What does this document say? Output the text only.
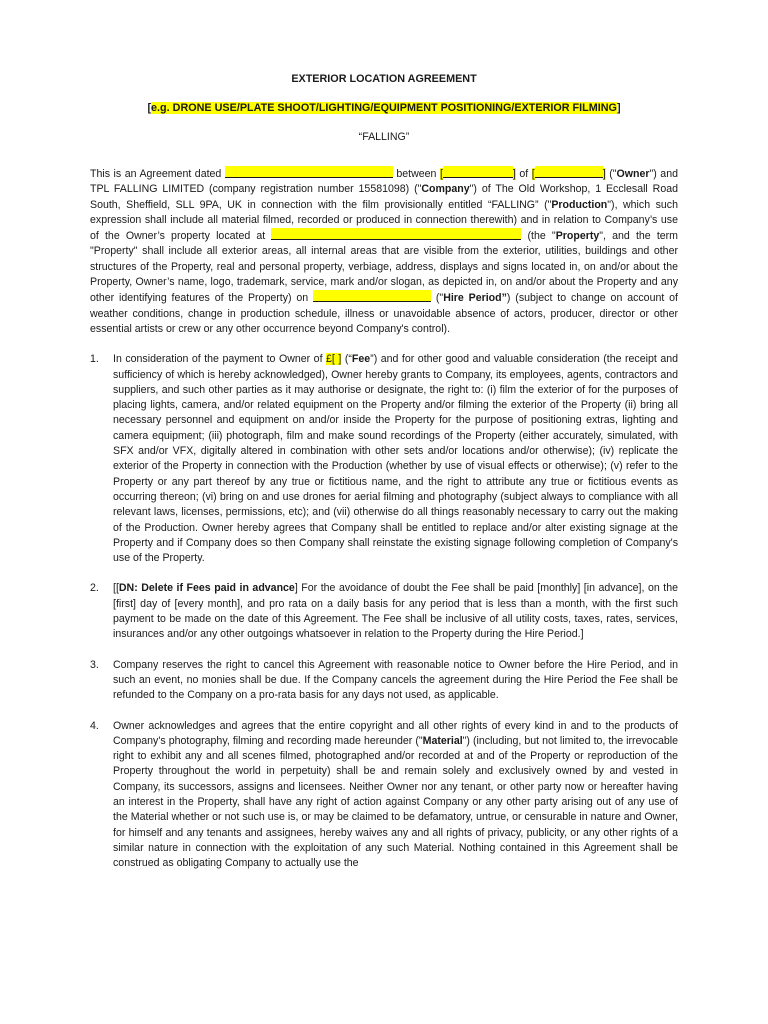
EXTERIOR LOCATION AGREEMENT
[e.g. DRONE USE/PLATE SHOOT/LIGHTING/EQUIPMENT POSITIONING/EXTERIOR FILMING]
“FALLING”

This is an Agreement dated	between [	] of [	] ("Owner") and TPL FALLING LIMITED (company registration number 15581098) ("Company") of The Old Workshop, 1 Ecclesall Road South, Sheffield, SLL 9PA, UK in connection with the film provisionally entitled “FALLING” ("Production"), which such expression shall include all material filmed, recorded or produced in connection therewith) and in relation to Company’s use of the Owner’s property located at	(the "Property", and the term "Property" shall include all exterior areas, all internal areas that are visible from the exterior, utilities, buildings and other structures of the Property, real and personal property, verbiage, address, displays and signs located in, on and/or about the Property, Owner’s name, logo, trademark, service, mark and/or slogan, as depicted in, on and/or about the Property and any other identifying features of the Property) on	("Hire Period”) (subject to change on account of weather conditions, change in production schedule, illness or unavoidable absence of actors, producer, director or other essential artists or crew or any other occurrence beyond Company's control).

1. In consideration of the payment to Owner of £[ ] (“Fee”) and for other good and valuable consideration (the receipt and sufficiency of which is hereby acknowledged), Owner hereby grants to Company, its employees, agents, contractors and suppliers, and such other parties as it may authorise or designate, the right to: (i) film the exterior of for the purposes of placing lights, camera, and/or related equipment on the Property and/or filming the exterior of the Property (ii) bring all necessary personnel and equipment on and/or inside the Property for the purpose of positioning extras, lighting and camera equipment; (iii) photograph, film and make sound recordings of the Property (either accurately, simulated, with SFX and/or VFX, digitally altered in combination with other sets and/or locations and/or otherwise); (iv) replicate the exterior of the Property in connection with the Production (whether by use of visual effects or otherwise); (v) refer to the Property or any part thereof by any true or fictitious name, and the right to attribute any true or fictitious events as occurring thereon; (vi) bring on and use drones for aerial filming and photography (subject always to compliance with all relevant laws, licenses, permissions, etc); and (vii) otherwise do all things reasonably necessary to carry out the making of the Production. Owner hereby agrees that Company shall be entitled to replace and/or alter existing signage at the Property and if Company does so then Company shall reinstate the existing signage following completion of Company's use of the Property.
2. [[DN: Delete if Fees paid in advance] For the avoidance of doubt the Fee shall be paid [monthly] [in advance], on the [first] day of [every month], and pro rata on a daily basis for any period that is less than a month, with the first such payment to be made on the date of this Agreement. The Fee shall be inclusive of all utility costs, taxes, rates, services, insurances and/or any other outgoings whatsoever in relation to the Property during the Hire Period.]
3. Company reserves the right to cancel this Agreement with reasonable notice to Owner before the Hire Period, and in such an event, no monies shall be due. If the Company cancels the agreement during the Hire Period the Fee shall be refunded to the Company on a pro-rata basis for any days not used, as applicable.
4. Owner acknowledges and agrees that the entire copyright and all other rights of every kind in and to the products of Company's photography, filming and recording made hereunder ("Material") (including, but not limited to, the irrevocable right to exhibit any and all scenes filmed, photographed and/or recorded at and of the Property or reproduction of the Property throughout the world in perpetuity) shall be and remain solely and exclusively owned by and vested in Company, its successors, assigns and licensees. Neither Owner nor any tenant, or other party now or hereafter having an interest in the Property, shall have any right of action against Company or any other party arising out of any use of the Material whether or not such use is, or may be claimed to be defamatory, untrue, or censurable in nature and Owner, for himself and any tenants and assignees, hereby waives any and all rights of privacy, publicity, or any other rights of a similar nature in connection with the exploitation of any such Material. Nothing contained in this Agreement shall be construed as obligating Company to actually use the
